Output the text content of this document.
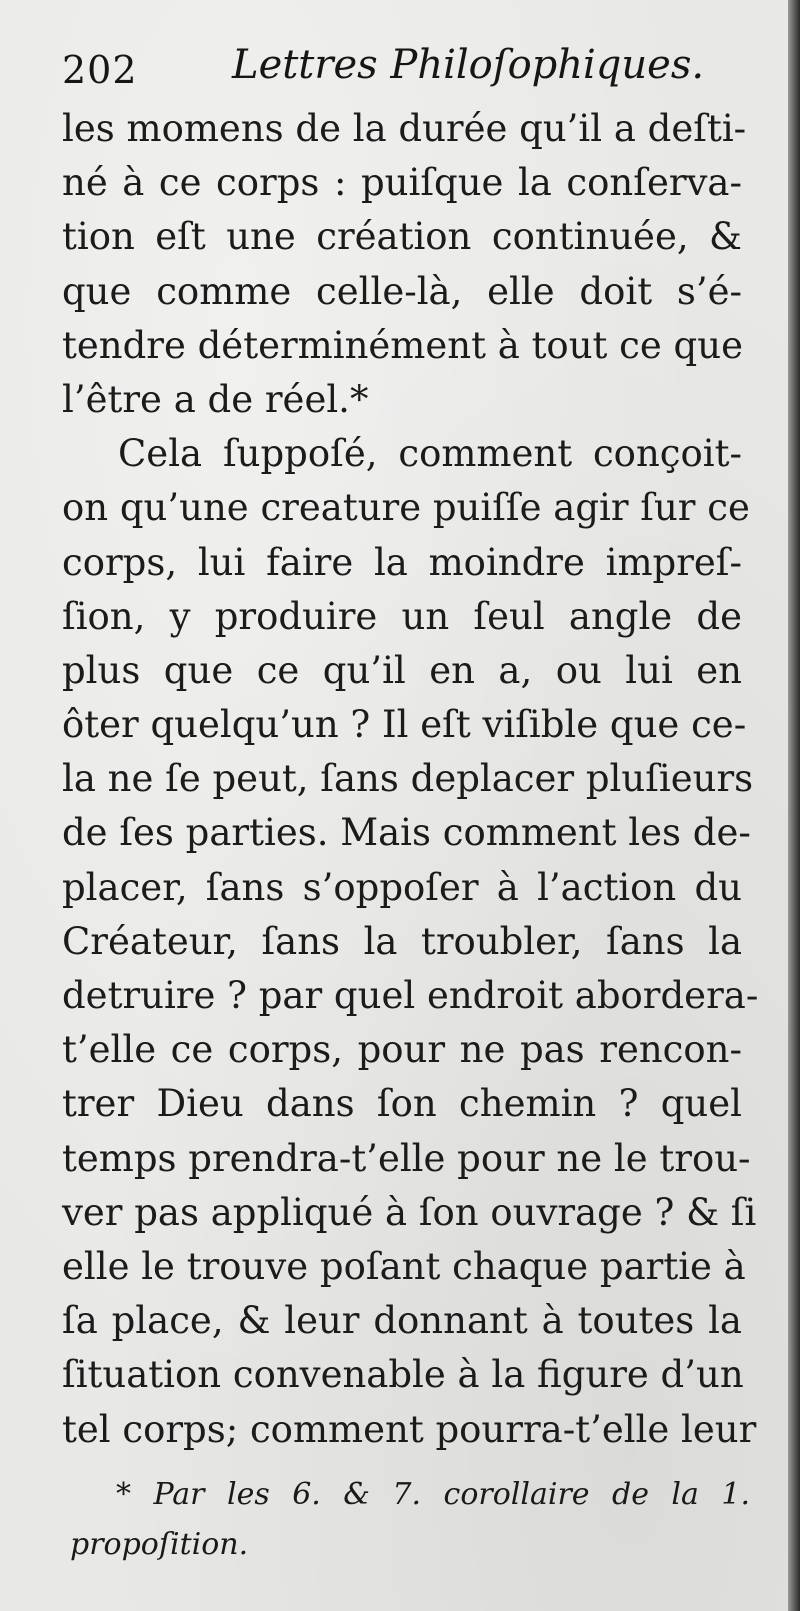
202 Lettres Philoſophiques.
les momens de la durée qu’il a deſti-
né à ce corps : puiſque la conſerva-
tion eſt une création continuée, &
que comme celle-là, elle doit s’é-
tendre déterminément à tout ce que
l’être a de réel.*
Cela ſuppoſé, comment conçoit-
on qu’une creature puiſſe agir ſur ce
corps, lui faire la moindre impreſ-
ſion, y produire un ſeul angle de
plus que ce qu’il en a, ou lui en
ôter quelqu’un ? Il eſt viſible que ce-
la ne ſe peut, ſans deplacer pluſieurs
de ſes parties. Mais comment les de-
placer, ſans s’oppoſer à l’action du
Créateur, ſans la troubler, ſans la
detruire ? par quel endroit abordera-
t’elle ce corps, pour ne pas rencon-
trer Dieu dans ſon chemin ? quel
temps prendra-t’elle pour ne le trou-
ver pas appliqué à ſon ouvrage ? & ſi
elle le trouve poſant chaque partie à
ſa place, & leur donnant à toutes la
ſituation convenable à la figure d’un
tel corps; comment pourra-t’elle leur
* Par les 6. & 7. corollaire de la 1.
propoſition.
